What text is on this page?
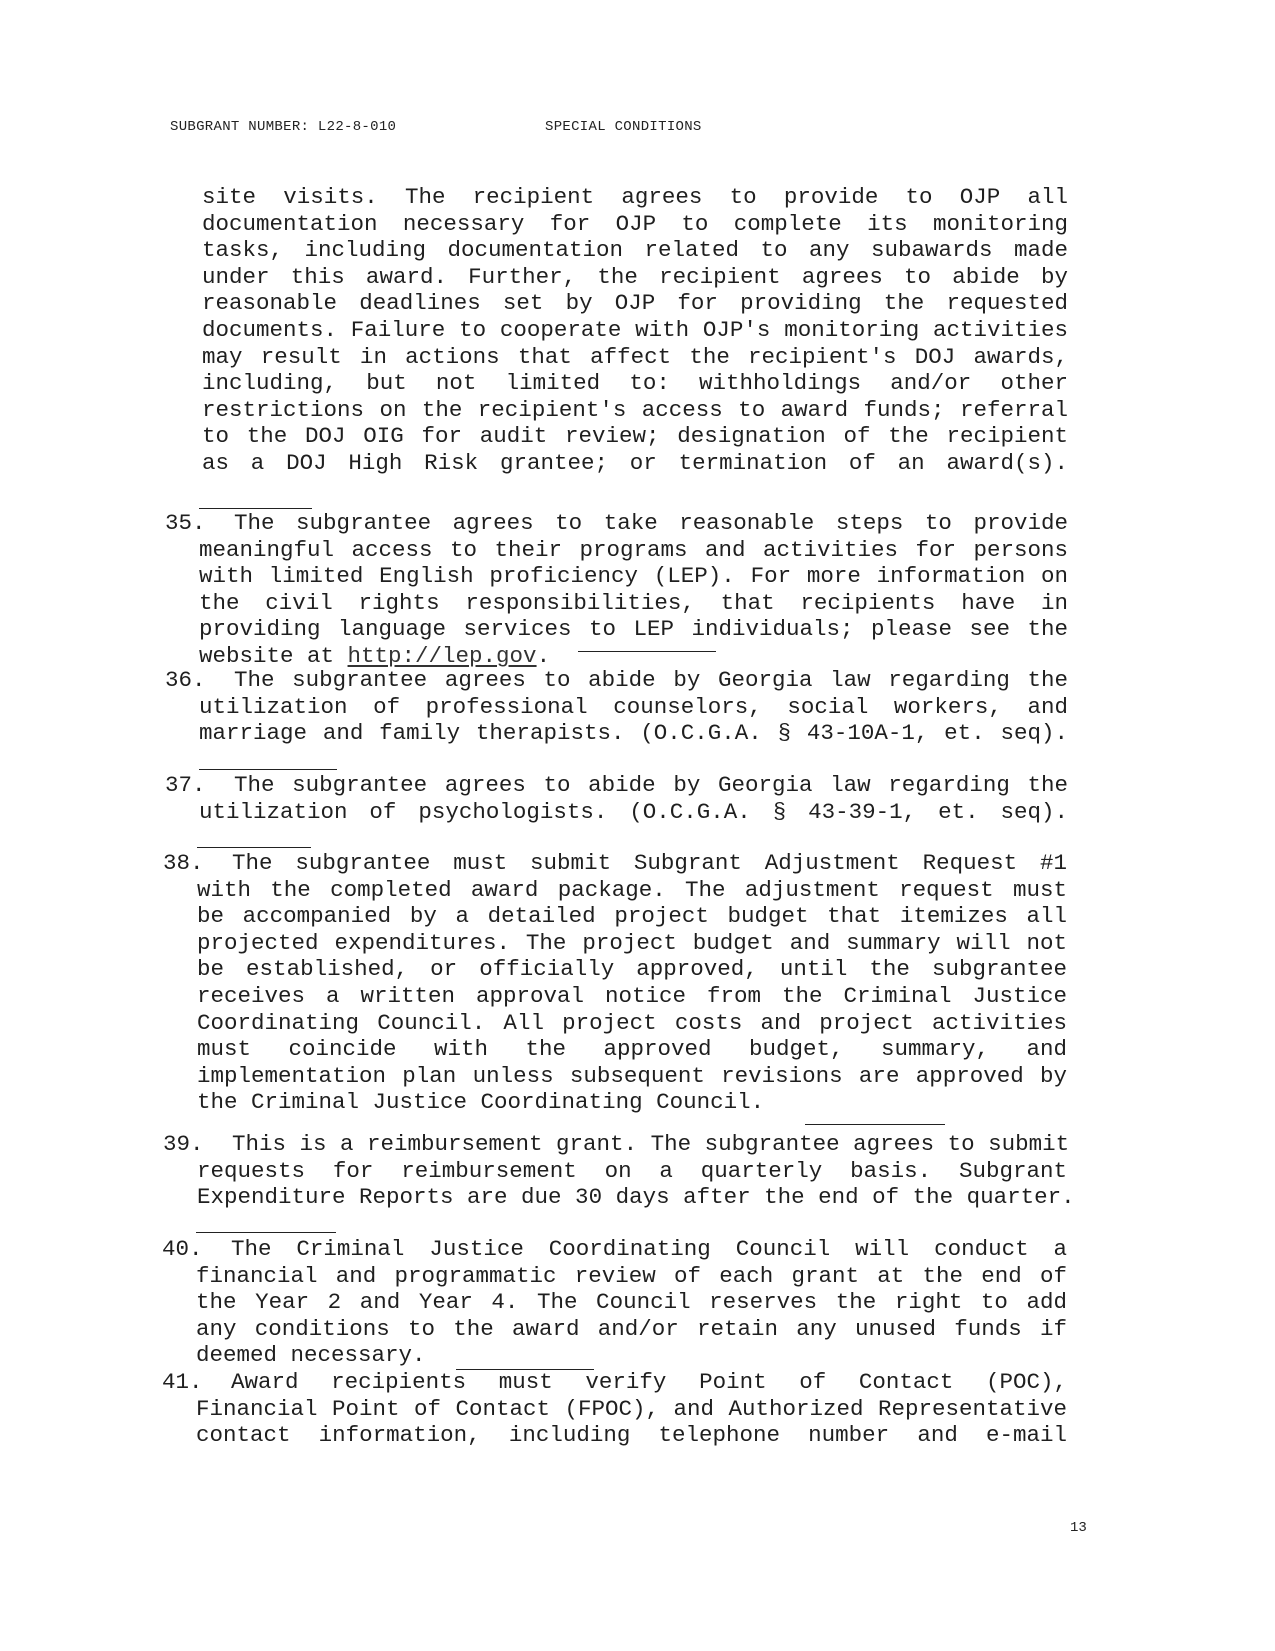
SUBGRANT NUMBER: L22-8-010	SPECIAL CONDITIONS
site visits. The recipient agrees to provide to OJP all
documentation necessary for OJP to complete its monitoring
tasks, including documentation related to any subawards made
under this award. Further, the recipient agrees to abide by
reasonable deadlines set by OJP for providing the requested
documents. Failure to cooperate with OJP's monitoring activities
may result in actions that affect the recipient's DOJ awards,
including, but not limited to: withholdings and/or other
restrictions on the recipient's access to award funds; referral
to the DOJ OIG for audit review; designation of the recipient
as a DOJ High Risk grantee; or termination of an award(s).
35.	The subgrantee agrees to take reasonable steps to provide
meaningful access to their programs and activities for persons
with limited English proficiency (LEP). For more information on
the civil rights responsibilities, that recipients have in
providing language services to LEP individuals; please see the
website at http://lep.gov.
36.	The subgrantee agrees to abide by Georgia law regarding the
utilization of professional counselors, social workers, and
marriage and family therapists. (O.C.G.A. § 43-10A-1, et. seq).
37.	The subgrantee agrees to abide by Georgia law regarding the
utilization of psychologists. (O.C.G.A. § 43-39-1, et. seq).
38.	The subgrantee must submit Subgrant Adjustment Request #1
with the completed award package. The adjustment request must
be accompanied by a detailed project budget that itemizes all
projected expenditures. The project budget and summary will not
be established, or officially approved, until the subgrantee
receives a written approval notice from the Criminal Justice
Coordinating Council. All project costs and project activities
must coincide with the approved budget, summary, and
implementation plan unless subsequent revisions are approved by
the Criminal Justice Coordinating Council.
39.	This is a reimbursement grant. The subgrantee agrees to submit
requests for reimbursement on a quarterly basis. Subgrant
Expenditure Reports are due 30 days after the end of the quarter.
40.	The Criminal Justice Coordinating Council will conduct a
financial and programmatic review of each grant at the end of
the Year 2 and Year 4. The Council reserves the right to add
any conditions to the award and/or retain any unused funds if
deemed necessary.
41.	Award recipients must verify Point of Contact (POC),
Financial Point of Contact (FPOC), and Authorized Representative
contact information, including telephone number and e-mail
13
